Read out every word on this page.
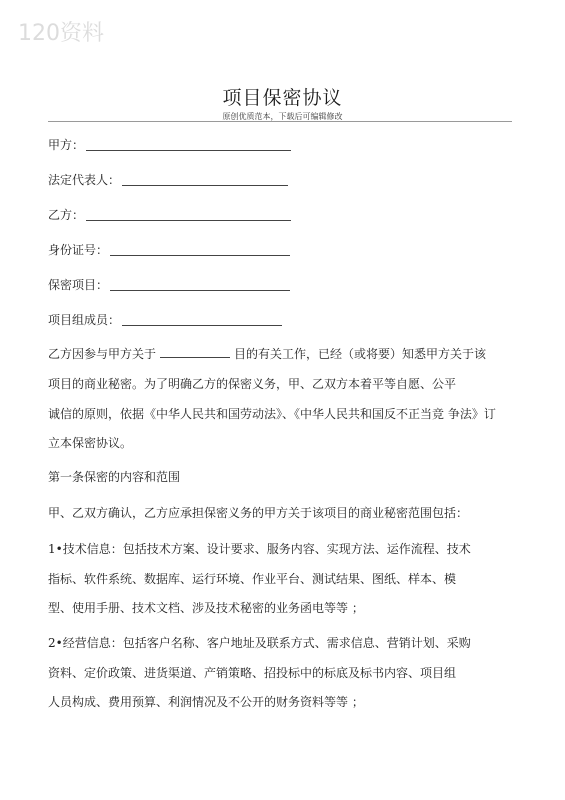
120资料
项目保密协议
原创优质范本，下载后可编辑修改
甲方：
法定代表人：
乙方：
身份证号：
保密项目：
项目组成员：
乙方因参与甲方关于	目的有关工作，已经（或将要）知悉甲方关于该
项目的商业秘密。为了明确乙方的保密义务，甲、乙双方本着平等自愿、公平
诚信的原则，依据《中华人民共和国劳动法》、《中华人民共和国反不正当竞 争法》订
立本保密协议。
第一条保密的内容和范围
甲、乙双方确认，乙方应承担保密义务的甲方关于该项目的商业秘密范围包括：
1•技术信息：包括技术方案、设计要求、服务内容、实现方法、运作流程、技术
指标、软件系统、数据库、运行环境、作业平台、测试结果、图纸、样本、模
型、使用手册、技术文档、涉及技术秘密的业务函电等等 ；
2•经营信息：包括客户名称、客户地址及联系方式、需求信息、营销计划、采购
资料、定价政策、进货渠道、产销策略、招投标中的标底及标书内容、项目组
人员构成、费用预算、利润情况及不公开的财务资料等等 ；
